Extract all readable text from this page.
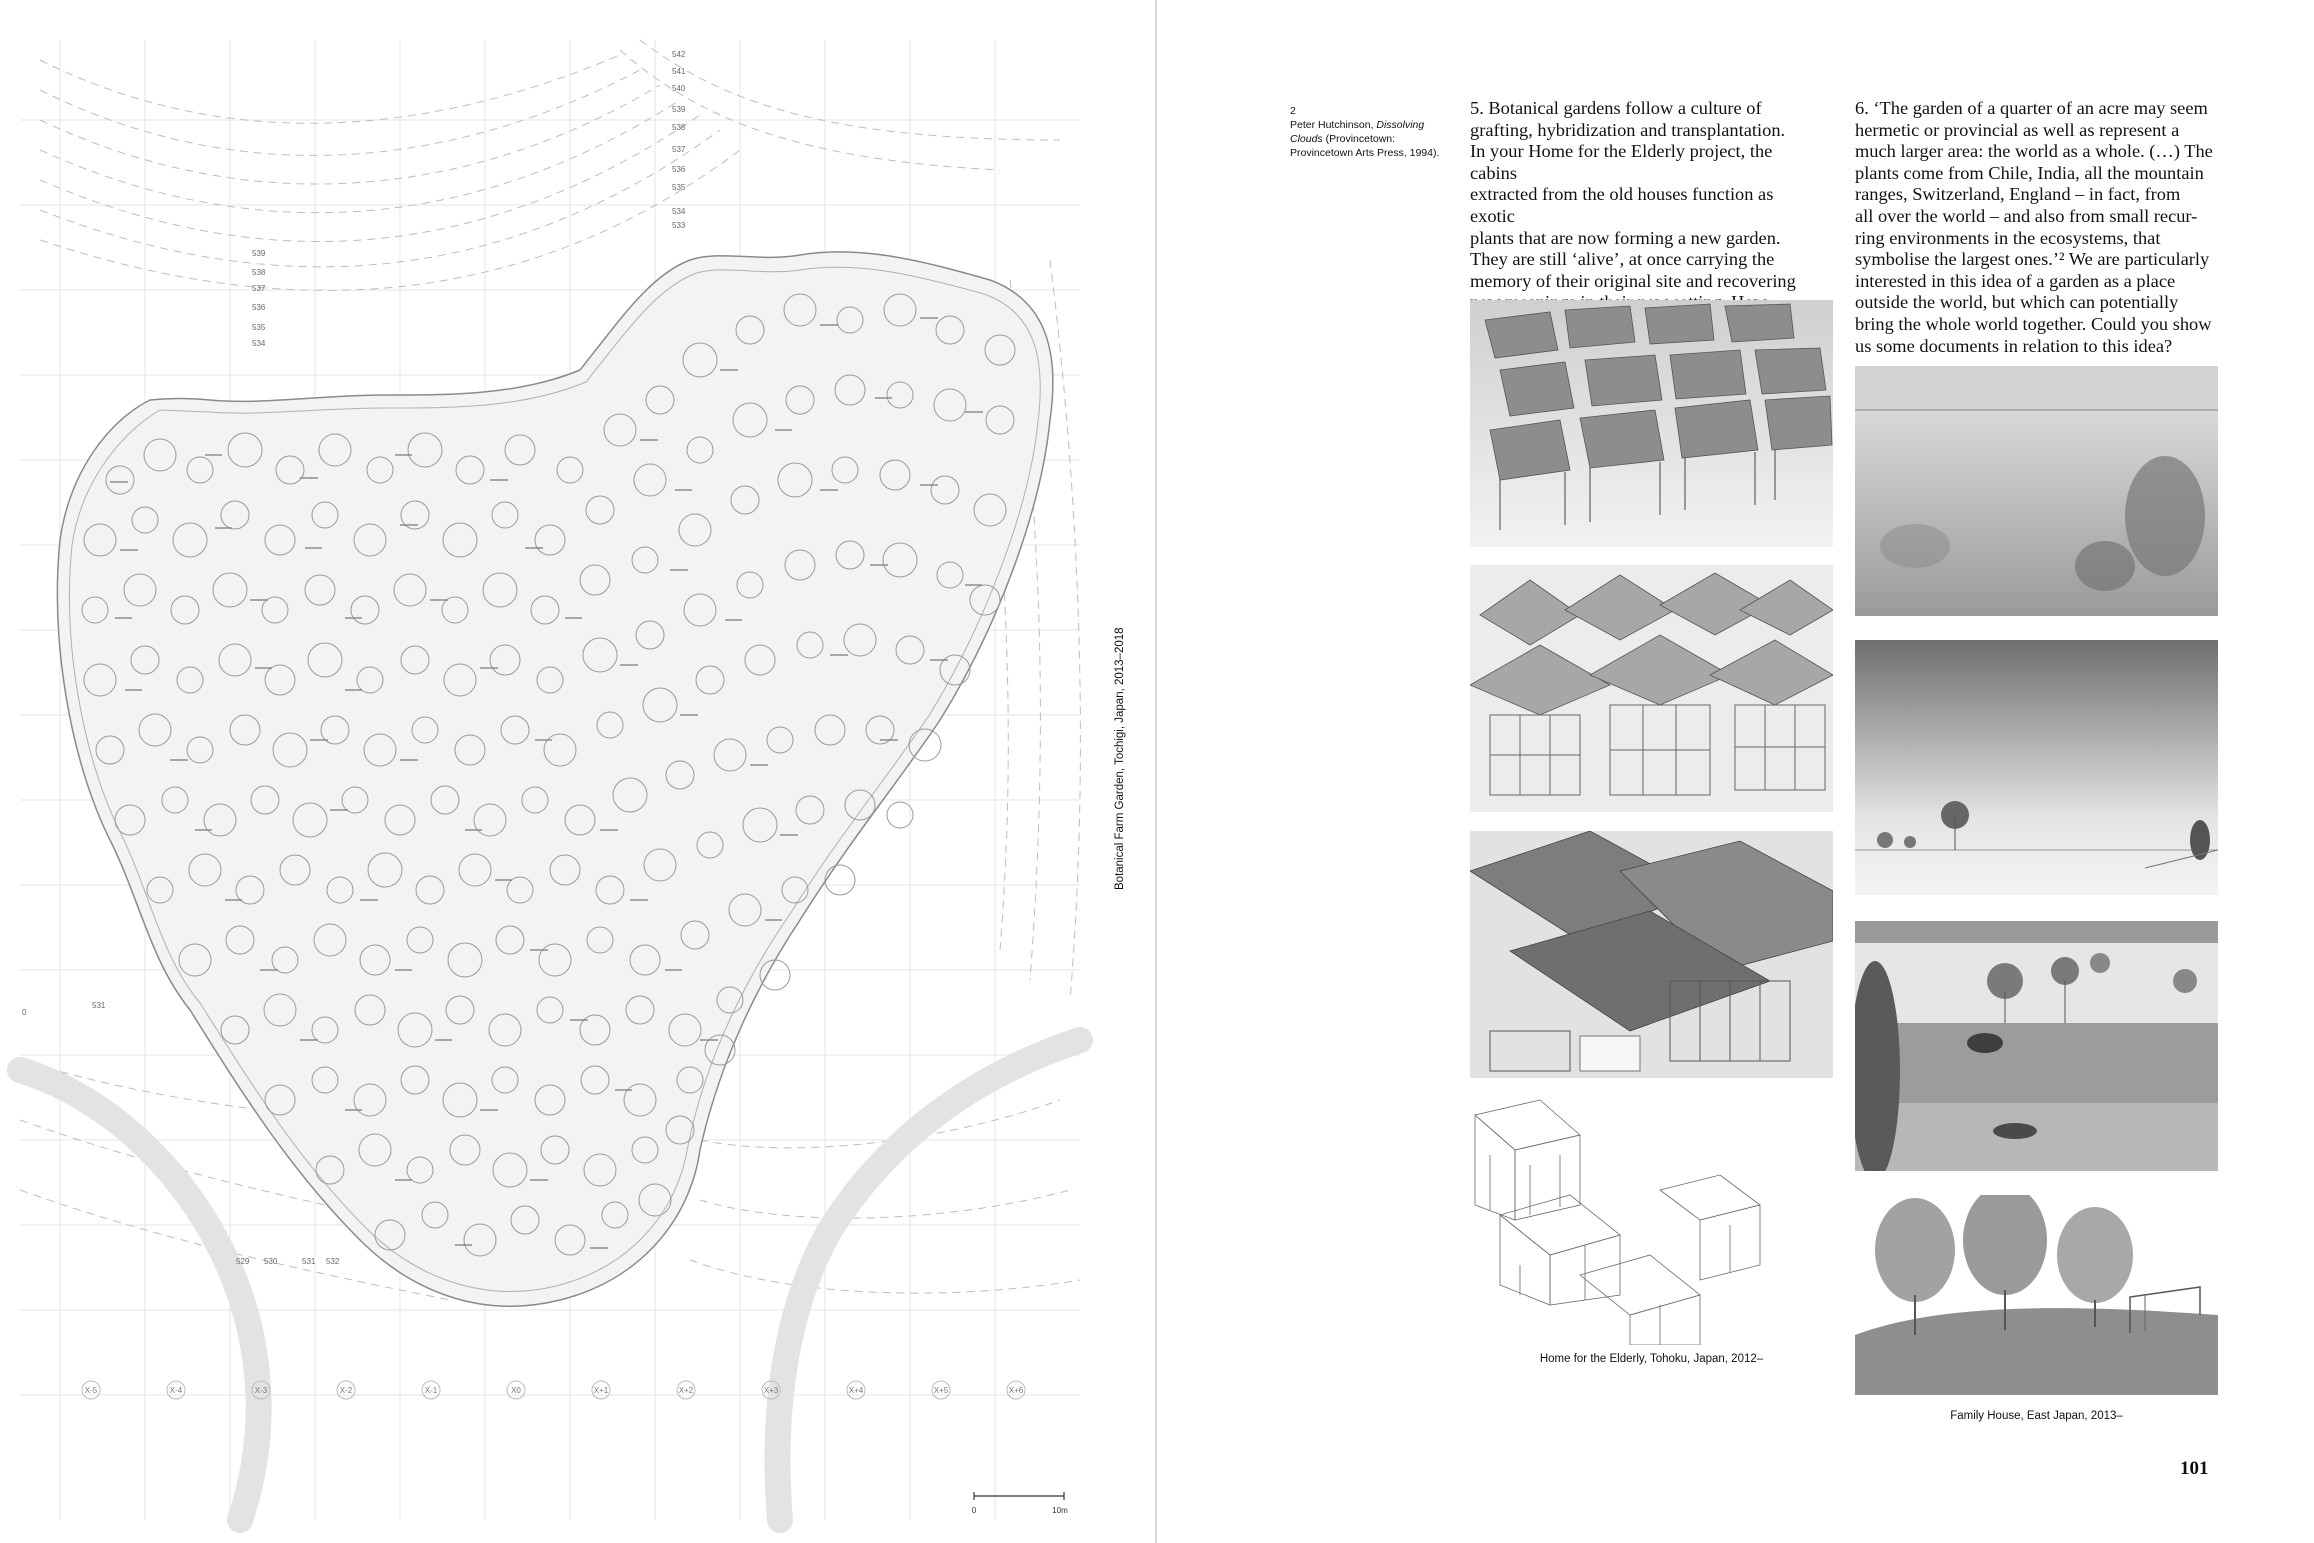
542
541
540
539
538
537
536
535
534
533
539
538
537
536
535
534
0
531
529 530	531 532
X-5	X-4	X-3	X-2	X-1	X0	X+1	X+2	X+3	X+4	X+5	X+6
0	10m
Botanical Farm Garden, Tochigi, Japan, 2013–2018
2
Peter Hutchinson, Dissolving Clouds (Provincetown: Provincetown Arts Press, 1994).
5. Botanical gardens follow a culture of
grafting, hybridization and transplantation.
In your Home for the Elderly project, the cabins
extracted from the old houses function as exotic
plants that are now forming a new garden.
They are still ‘alive’, at once carrying the
memory of their original site and recovering
6. ‘The garden of a quarter of an acre may seem
hermetic or provincial as well as represent a
much larger area: the world as a whole. (…) The
plants come from Chile, India, all the mountain
ranges, Switzerland, England – in fact, from
all over the world – and also from small recur-
ring environments in the ecosystems, that
symbolise the largest ones.’² We are particularly
interested in this idea of a garden as a place
outside the world, but which can potentially
bring the whole world together. Could you show
us some documents in relation to this idea?
Home for the Elderly, Tohoku, Japan, 2012–
Family House, East Japan, 2013–
101
